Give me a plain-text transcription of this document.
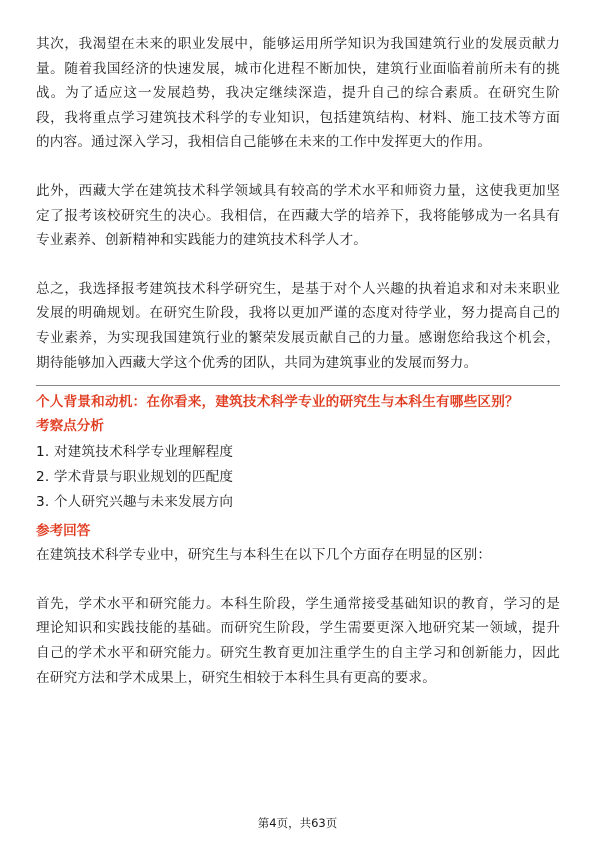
其次，我渴望在未来的职业发展中，能够运用所学知识为我国建筑行业的发展贡献力量。随着我国经济的快速发展，城市化进程不断加快，建筑行业面临着前所未有的挑战。为了适应这一发展趋势，我决定继续深造，提升自己的综合素质。在研究生阶段，我将重点学习建筑技术科学的专业知识，包括建筑结构、材料、施工技术等方面的内容。通过深入学习，我相信自己能够在未来的工作中发挥更大的作用。

此外，西藏大学在建筑技术科学领域具有较高的学术水平和师资力量，这使我更加坚定了报考该校研究生的决心。我相信，在西藏大学的培养下，我将能够成为一名具有专业素养、创新精神和实践能力的建筑技术科学人才。

总之，我选择报考建筑技术科学研究生，是基于对个人兴趣的执着追求和对未来职业发展的明确规划。在研究生阶段，我将以更加严谨的态度对待学业，努力提高自己的专业素养，为实现我国建筑行业的繁荣发展贡献自己的力量。感谢您给我这个机会，期待能够加入西藏大学这个优秀的团队，共同为建筑事业的发展而努力。

个人背景和动机：在你看来，建筑技术科学专业的研究生与本科生有哪些区别？

考察点分析

1. 对建筑技术科学专业理解程度
2. 学术背景与职业规划的匹配度
3. 个人研究兴趣与未来发展方向

参考回答

在建筑技术科学专业中，研究生与本科生在以下几个方面存在明显的区别：

首先，学术水平和研究能力。本科生阶段，学生通常接受基础知识的教育，学习的是理论知识和实践技能的基础。而研究生阶段，学生需要更深入地研究某一领域，提升自己的学术水平和研究能力。研究生教育更加注重学生的自主学习和创新能力，因此在研究方法和学术成果上，研究生相较于本科生具有更高的要求。

第4页，共63页
